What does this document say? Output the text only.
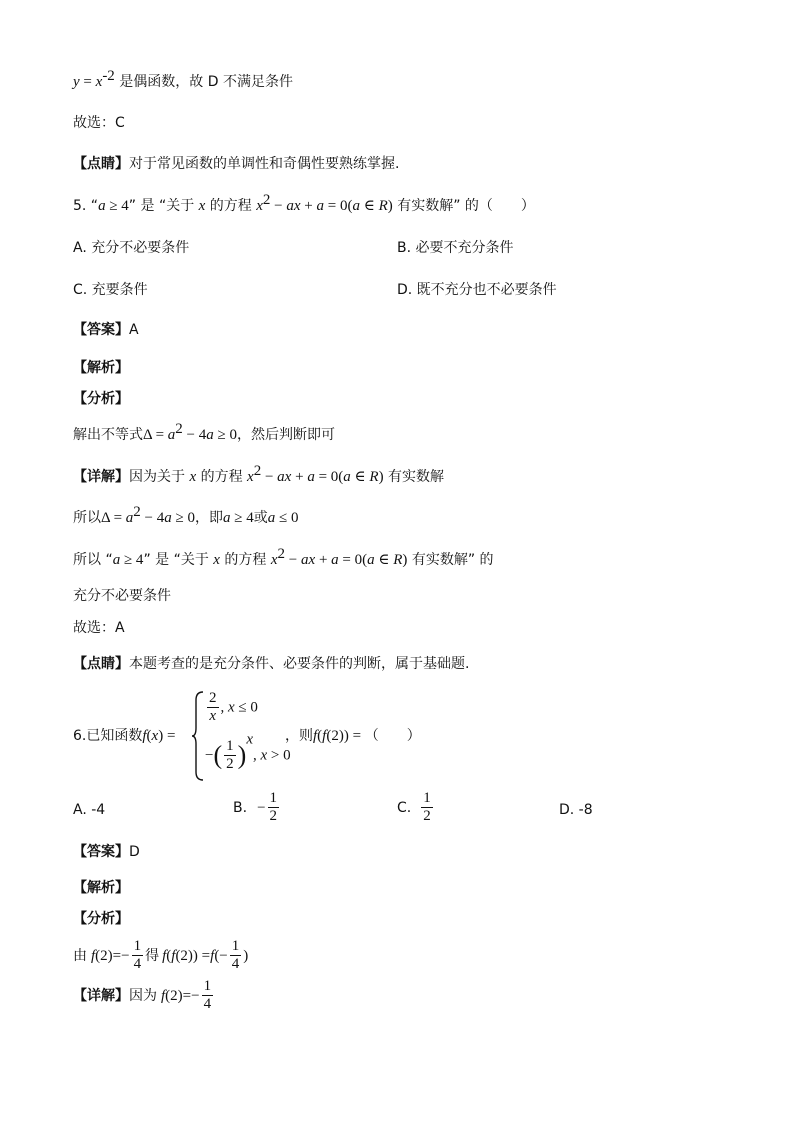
$y = x^{-2}$ 是偶函数，故 D 不满足条件
故选：C
【点睛】对于常见函数的单调性和奇偶性要熟练掌握.
5. “a ≥ 4” 是 “关于 x 的方程 $x^2$ − ax + a = 0(a ∈ R) 有实数解” 的（　　）
A. 充分不必要条件	B. 必要不充分条件
C. 充要条件	D. 既不充分也不必要条件
【答案】A
【解析】
【分析】
解出不等式$\Delta = a^2 - 4a \ge 0$，然后判断即可
【详解】因为关于 x 的方程 $x^2$ − ax + a = 0(a ∈ R) 有实数解
所以$\Delta = a^2 - 4a \ge 0$，即a ≥ 4或a ≤ 0
所以 “a ≥ 4” 是 “关于 x 的方程 $x^2$ − ax + a = 0(a ∈ R) 有实数解” 的
充分不必要条件
故选：A
【点睛】本题考查的是充分条件、必要条件的判断，属于基础题.
6.已知函数f(x) =
$\frac{2}{x}$ , x ≤ 0
−( $\frac{1}{2} )^x$, x > 0
，则f(f(2)) = （　　）
A. -4	B. − $\frac{1}{2}$	C. $\frac{1}{2}$	D. -8
【答案】D
【解析】
【分析】
由 f $(2)=- \frac{1}{4}$ 得 f ( f (2)) = f (− $\frac{1}{4}$ )
【详解】 因为 f $(2)=- \frac{1}{4}$
